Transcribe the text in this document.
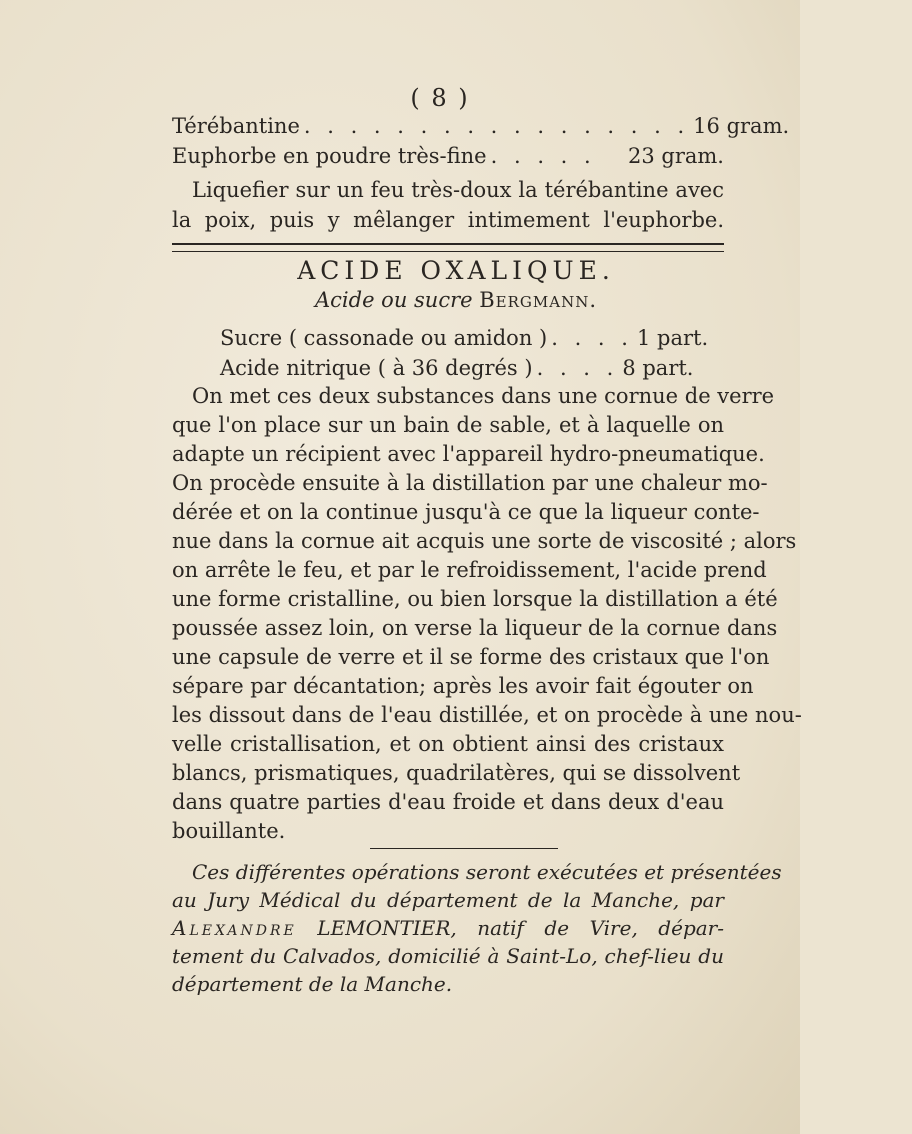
( 8 )
Térébantine . . . . . . . . . . . . . . . . . 16 gram.
Euphorbe en poudre très-fine . . . . .	23 gram.
Liquefier sur un feu très-doux la térébantine avec
la poix, puis y mêlanger intimement l'euphorbe.
ACIDE OXALIQUE.
Acide ou sucre Bergmann.
Sucre ( cassonade ou amidon ) . . . . 1 part.
Acide nitrique ( à 36 degrés ) . . . . 8 part.
On met ces deux substances dans une cornue de verre
que l'on place sur un bain de sable, et à laquelle on
adapte un récipient avec l'appareil hydro-pneumatique.
On procède ensuite à la distillation par une chaleur mo-
dérée et on la continue jusqu'à ce que la liqueur conte-
nue dans la cornue ait acquis une sorte de viscosité ; alors
on arrête le feu, et par le refroidissement, l'acide prend
une forme cristalline, ou bien lorsque la distillation a été
poussée assez loin, on verse la liqueur de la cornue dans
une capsule de verre et il se forme des cristaux que l'on
sépare par décantation; après les avoir fait égouter on
les dissout dans de l'eau distillée, et on procède à une nou-
velle cristallisation, et on obtient ainsi des cristaux
blancs, prismatiques, quadrilatères, qui se dissolvent
dans quatre parties d'eau froide et dans deux d'eau
bouillante.
Ces différentes opérations seront exécutées et présentées
au Jury Médical du département de la Manche, par
Alexandre LEMONTIER, natif de Vire, dépar-
tement du Calvados, domicilié à Saint-Lo, chef-lieu du
département de la Manche.
